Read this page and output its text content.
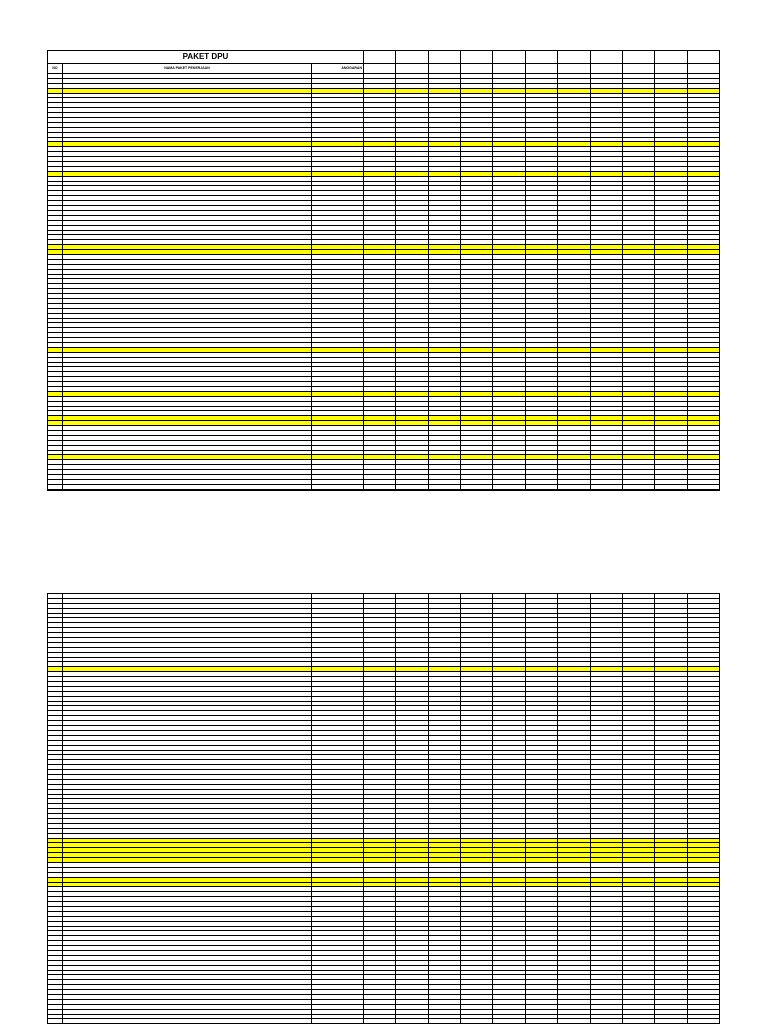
PAKET DPU
NO	NAMA PAKET PEKERJAAN	ANGGARAN
